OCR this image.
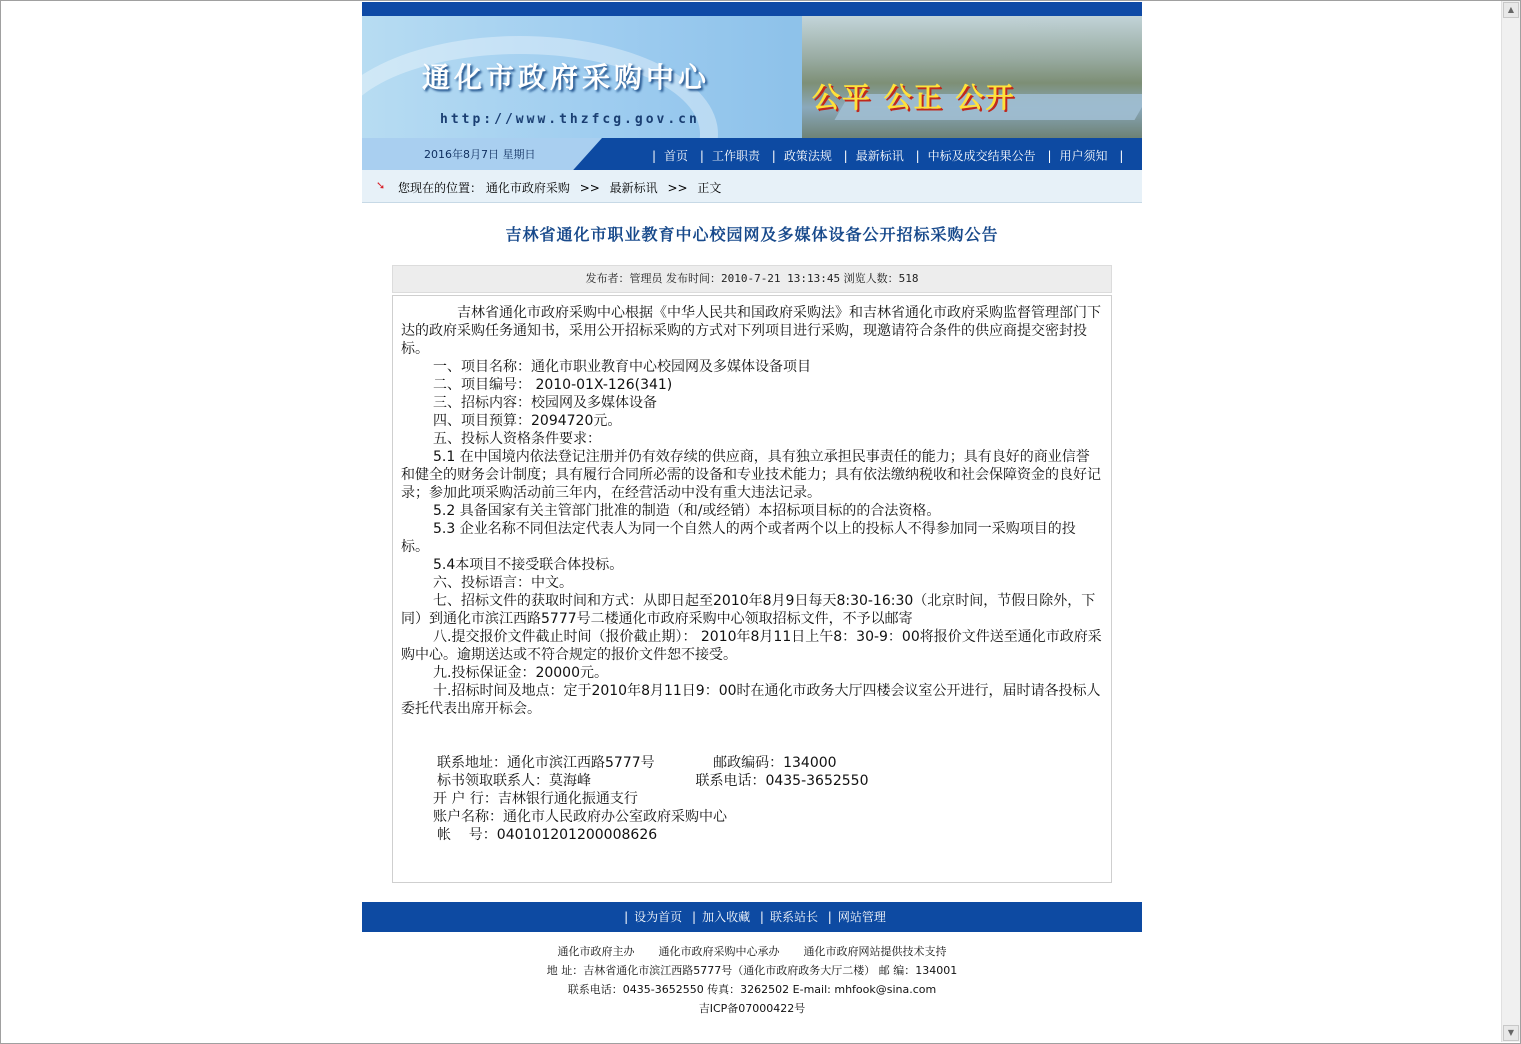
▲
▼
通化市政府采购中心
http://www.thzfcg.gov.cn
公平 公正 公开
2016年8月7日 星期日	| 首页 | 工作职责 | 政策法规 | 最新标讯 | 中标及成交结果公告 | 用户须知 |
➘ 您现在的位置： 通化市政府采购 >> 最新标讯 >> 正文
吉林省通化市职业教育中心校园网及多媒体设备公开招标采购公告
发布者：管理员 发布时间：2010-7-21 13:13:45 浏览人数：518

吉林省通化市政府采购中心根据《中华人民共和国政府采购法》和吉林省通化市政府采购监督管理部门下达的政府采购任务通知书，采用公开招标采购的方式对下列项目进行采购，现邀请符合条件的供应商提交密封投标。

一、项目名称：通化市职业教育中心校园网及多媒体设备项目

二、项目编号： 2010-01X-126(341)

三、招标内容：校园网及多媒体设备

四、项目预算：2094720元。

五、投标人资格条件要求：

5.1 在中国境内依法登记注册并仍有效存续的供应商，具有独立承担民事责任的能力；具有良好的商业信誉和健全的财务会计制度；具有履行合同所必需的设备和专业技术能力；具有依法缴纳税收和社会保障资金的良好记录；参加此项采购活动前三年内，在经营活动中没有重大违法记录。

5.2 具备国家有关主管部门批准的制造（和/或经销）本招标项目标的的合法资格。

5.3 企业名称不同但法定代表人为同一个自然人的两个或者两个以上的投标人不得参加同一采购项目的投标。

5.4本项目不接受联合体投标。

六、投标语言：中文。

七、招标文件的获取时间和方式：从即日起至2010年8月9日每天8:30-16:30（北京时间，节假日除外，下同）到通化市滨江西路5777号二楼通化市政府采购中心领取招标文件，不予以邮寄

八.提交报价文件截止时间（报价截止期）： 2010年8月11日上午8：30-9：00将报价文件送至通化市政府采购中心。逾期送达或不符合规定的报价文件恕不接受。

九.投标保证金：20000元。

十.招标时间及地点：定于2010年8月11日9：00时在通化市政务大厅四楼会议室公开进行，届时请各投标人委托代表出席开标会。

联系地址：通化市滨江西路5777号	邮政编码：134000

标书领取联系人：莫海峰	联系电话：0435-3652550

开 户 行：吉林银行通化振通支行

账户名称：通化市人民政府办公室政府采购中心

帐    号：040101201200008626

| 设为首页 | 加入收藏 | 联系站长 | 网站管理
通化市政府主办 通化市政府采购中心承办 通化市政府网站提供技术支持
地 址：吉林省通化市滨江西路5777号（通化市政府政务大厅二楼） 邮 编：134001
联系电话：0435-3652550 传真：3262502 E-mail: mhfook@sina.com
吉ICP备07000422号
